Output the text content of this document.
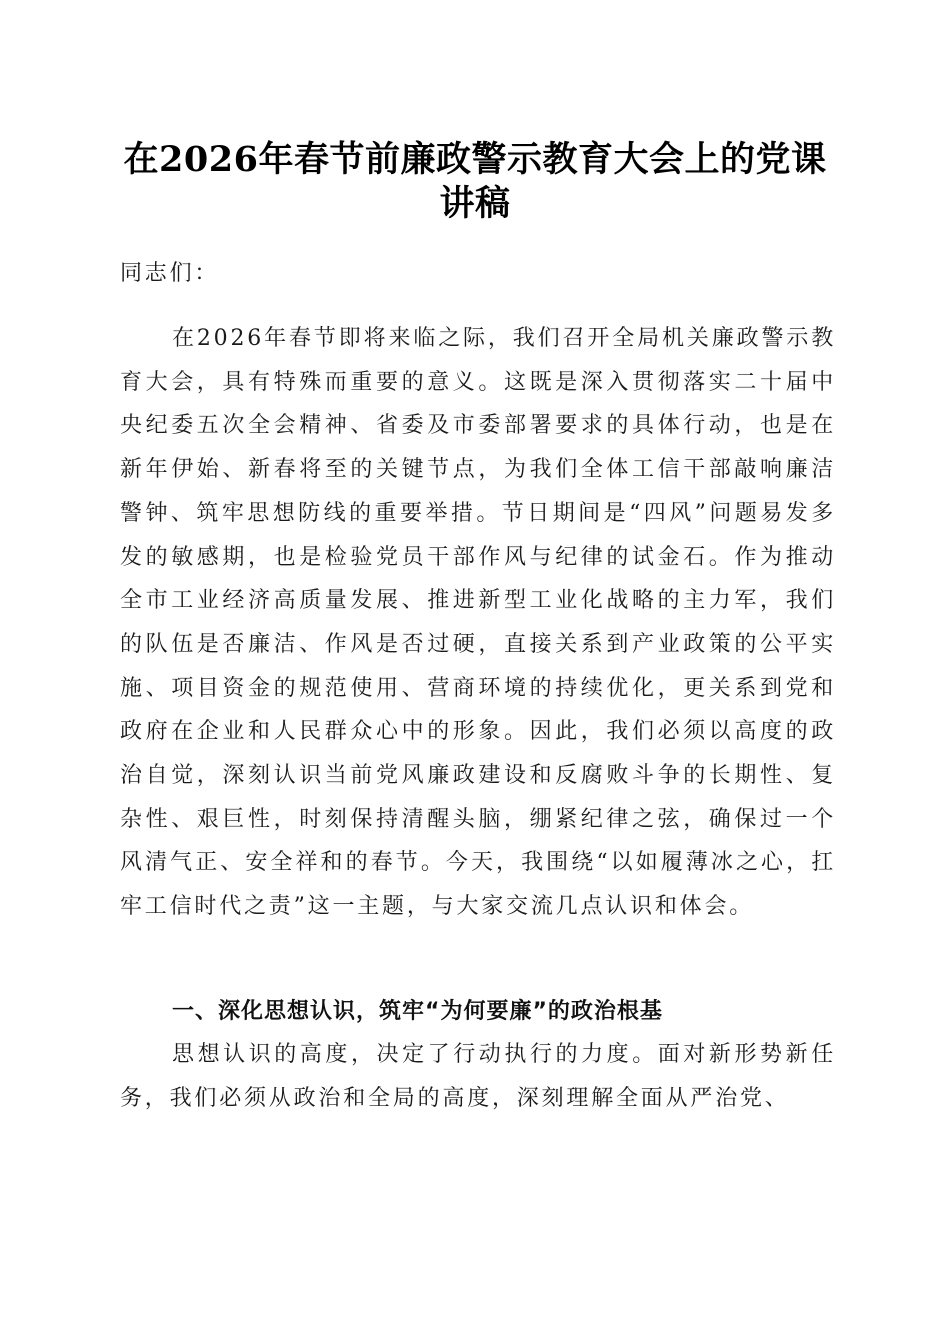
在2026年春节前廉政警示教育大会上的党课
讲稿
同志们：
在2026年春节即将来临之际，我们召开全局机关廉政警示教育大会，具有特殊而重要的意义。这既是深入贯彻落实二十届中央纪委五次全会精神、省委及市委部署要求的具体行动，也是在新年伊始、新春将至的关键节点，为我们全体工信干部敲响廉洁警钟、筑牢思想防线的重要举措。节日期间是“四风”问题易发多发的敏感期，也是检验党员干部作风与纪律的试金石。作为推动全市工业经济高质量发展、推进新型工业化战略的主力军，我们的队伍是否廉洁、作风是否过硬，直接关系到产业政策的公平实施、项目资金的规范使用、营商环境的持续优化，更关系到党和政府在企业和人民群众心中的形象。因此，我们必须以高度的政治自觉，深刻认识当前党风廉政建设和反腐败斗争的长期性、复杂性、艰巨性，时刻保持清醒头脑，绷紧纪律之弦，确保过一个风清气正、安全祥和的春节。今天，我围绕“以如履薄冰之心，扛牢工信时代之责”这一主题，与大家交流几点认识和体会。
一、深化思想认识，筑牢“为何要廉”的政治根基
思想认识的高度，决定了行动执行的力度。面对新形势新任务，我们必须从政治和全局的高度，深刻理解全面从严治党、
